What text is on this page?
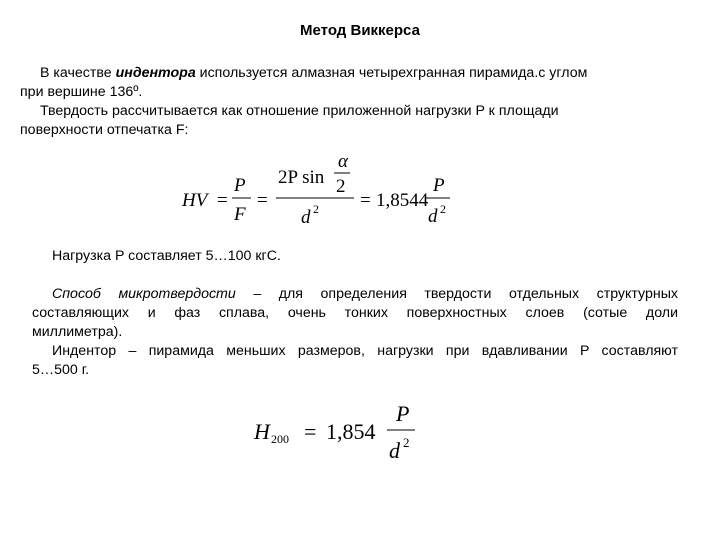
Метод Виккерса
В качестве индентора используется алмазная четырехгранная пирамида.с углом
при вершине 136º.
Твердость рассчитывается как отношение приложенной нагрузки P к площади
поверхности отпечатка F:
HV =
P
F
=
2P sin
α
2
d 2 = 1,8544
P
d 2
Нагрузка P составляет 5…100 кгС.
Способ микротвердости – для определения твердости отдельных структурных
составляющих и фаз сплава, очень тонких поверхностных слоев (сотые доли
миллиметра).
Индентор – пирамида меньших размеров, нагрузки при вдавливании P составляют
5…500 г.
H 200 = 1,854
P
d 2
